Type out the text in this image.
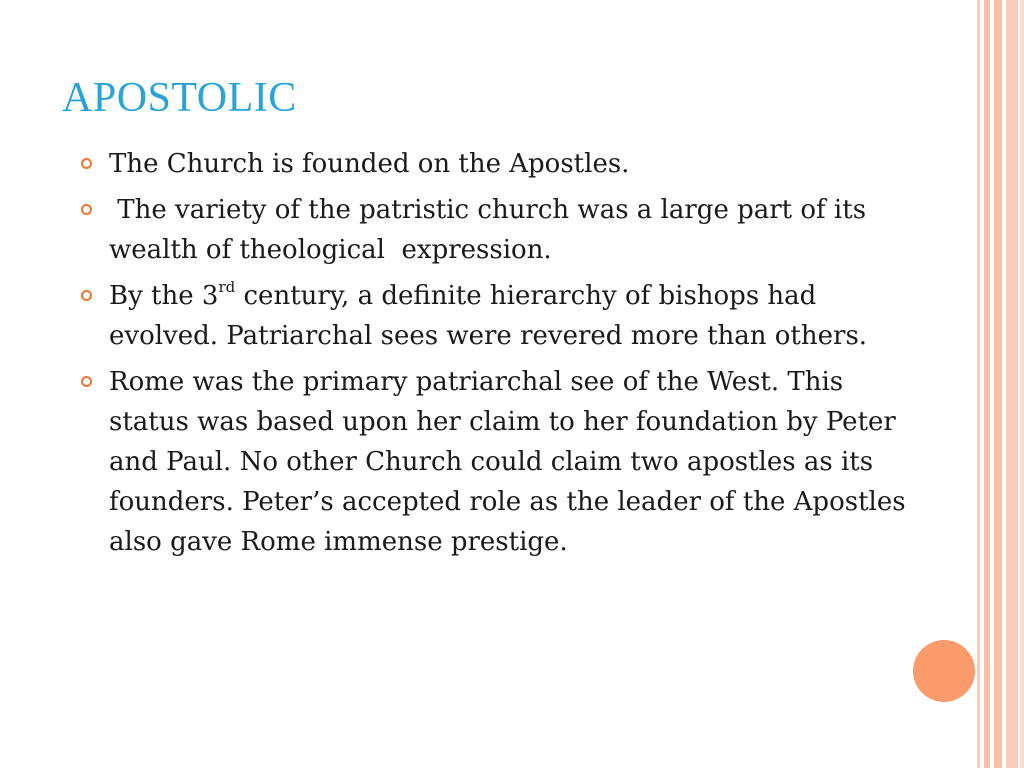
APOSTOLIC
The Church is founded on the Apostles.
The variety of the patristic church was a large part of its wealth of theological  expression.
By the 3rd century, a definite hierarchy of bishops had evolved. Patriarchal sees were revered more than others.
Rome was the primary patriarchal see of the West. This status was based upon her claim to her foundation by Peter and Paul. No other Church could claim two apostles as its founders. Peter’s accepted role as the leader of the Apostles also gave Rome immense prestige.
